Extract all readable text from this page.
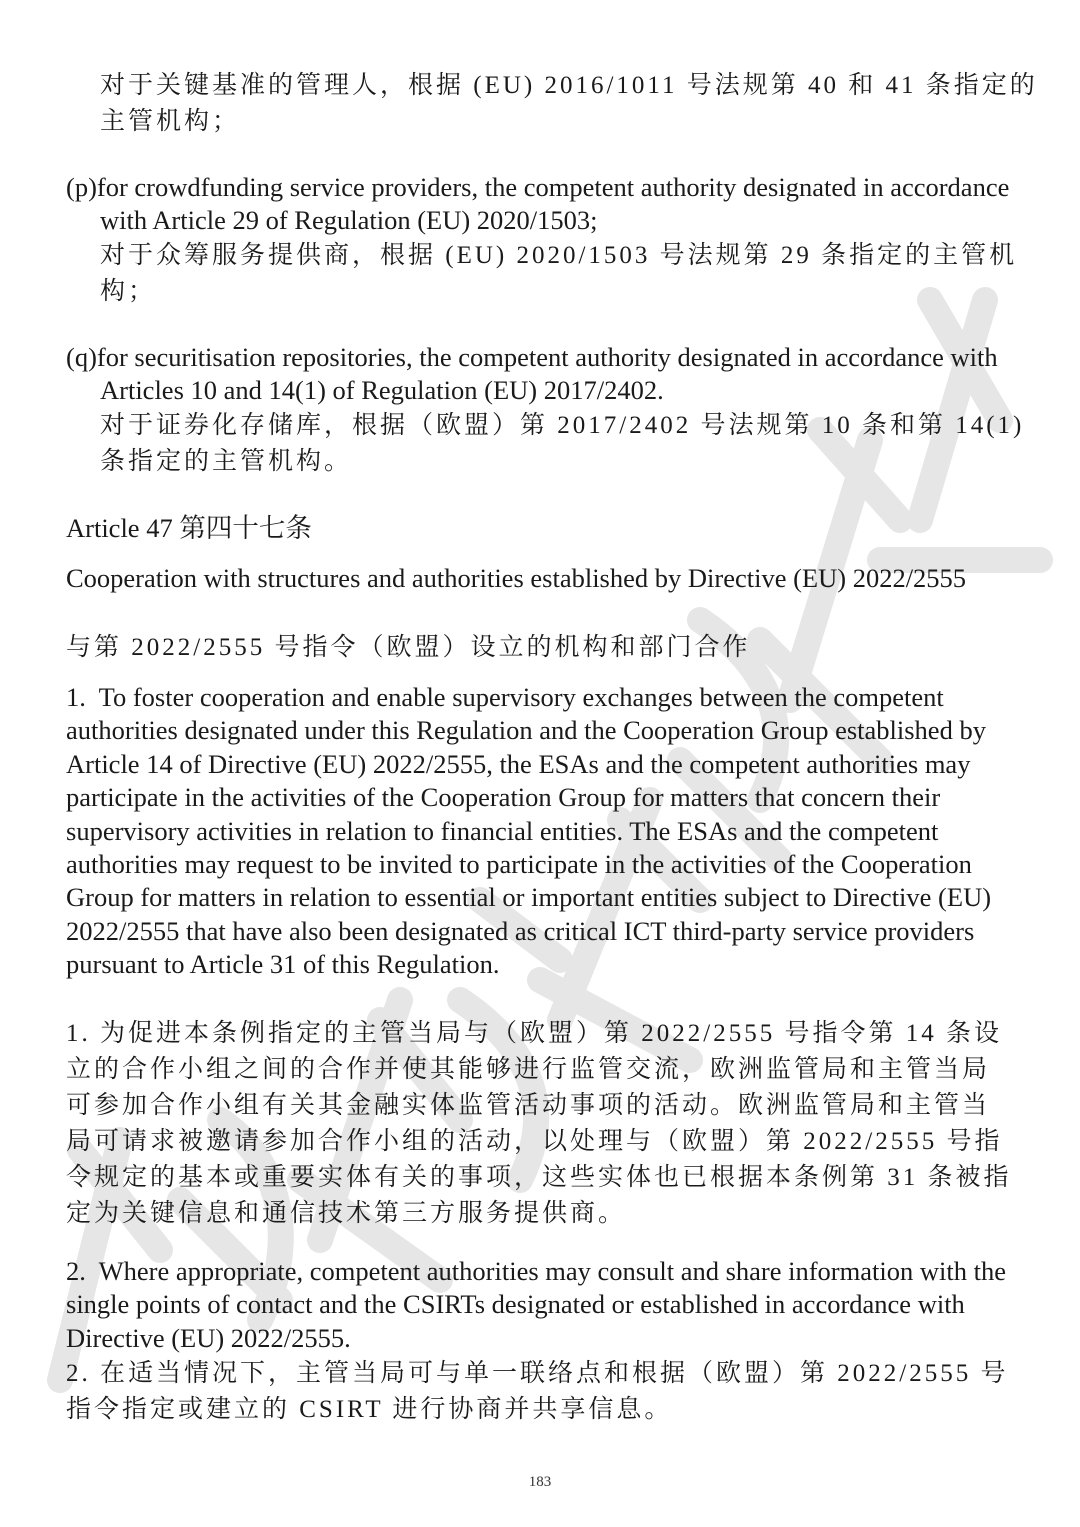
对于关键基准的管理人，根据 (EU) 2016/1011 号法规第 40 和 41 条指定的主管机构；

(p)for crowdfunding service providers, the competent authority designated in accordance with Article 29 of Regulation (EU) 2020/1503;

对于众筹服务提供商，根据 (EU) 2020/1503 号法规第 29 条指定的主管机构；

(q)for securitisation repositories, the competent authority designated in accordance with Articles 10 and 14(1) of Regulation (EU) 2017/2402.

对于证券化存储库，根据（欧盟）第 2017/2402 号法规第 10 条和第 14(1)条指定的主管机构。

Article 47 第四十七条

Cooperation with structures and authorities established by Directive (EU) 2022/2555

与第 2022/2555 号指令（欧盟）设立的机构和部门合作

1.  To foster cooperation and enable supervisory exchanges between the competent authorities designated under this Regulation and the Cooperation Group established by Article 14 of Directive (EU) 2022/2555, the ESAs and the competent authorities may participate in the activities of the Cooperation Group for matters that concern their supervisory activities in relation to financial entities. The ESAs and the competent authorities may request to be invited to participate in the activities of the Cooperation Group for matters in relation to essential or important entities subject to Directive (EU) 2022/2555 that have also been designated as critical ICT third-party service providers pursuant to Article 31 of this Regulation.

1. 为促进本条例指定的主管当局与（欧盟）第 2022/2555 号指令第 14 条设立的合作小组之间的合作并使其能够进行监管交流，欧洲监管局和主管当局可参加合作小组有关其金融实体监管活动事项的活动。欧洲监管局和主管当局可请求被邀请参加合作小组的活动，以处理与（欧盟）第 2022/2555 号指令规定的基本或重要实体有关的事项，这些实体也已根据本条例第 31 条被指定为关键信息和通信技术第三方服务提供商。

2.  Where appropriate, competent authorities may consult and share information with the single points of contact and the CSIRTs designated or established in accordance with Directive (EU) 2022/2555.

2. 在适当情况下，主管当局可与单一联络点和根据（欧盟）第 2022/2555 号指令指定或建立的 CSIRT 进行协商并共享信息。

183
